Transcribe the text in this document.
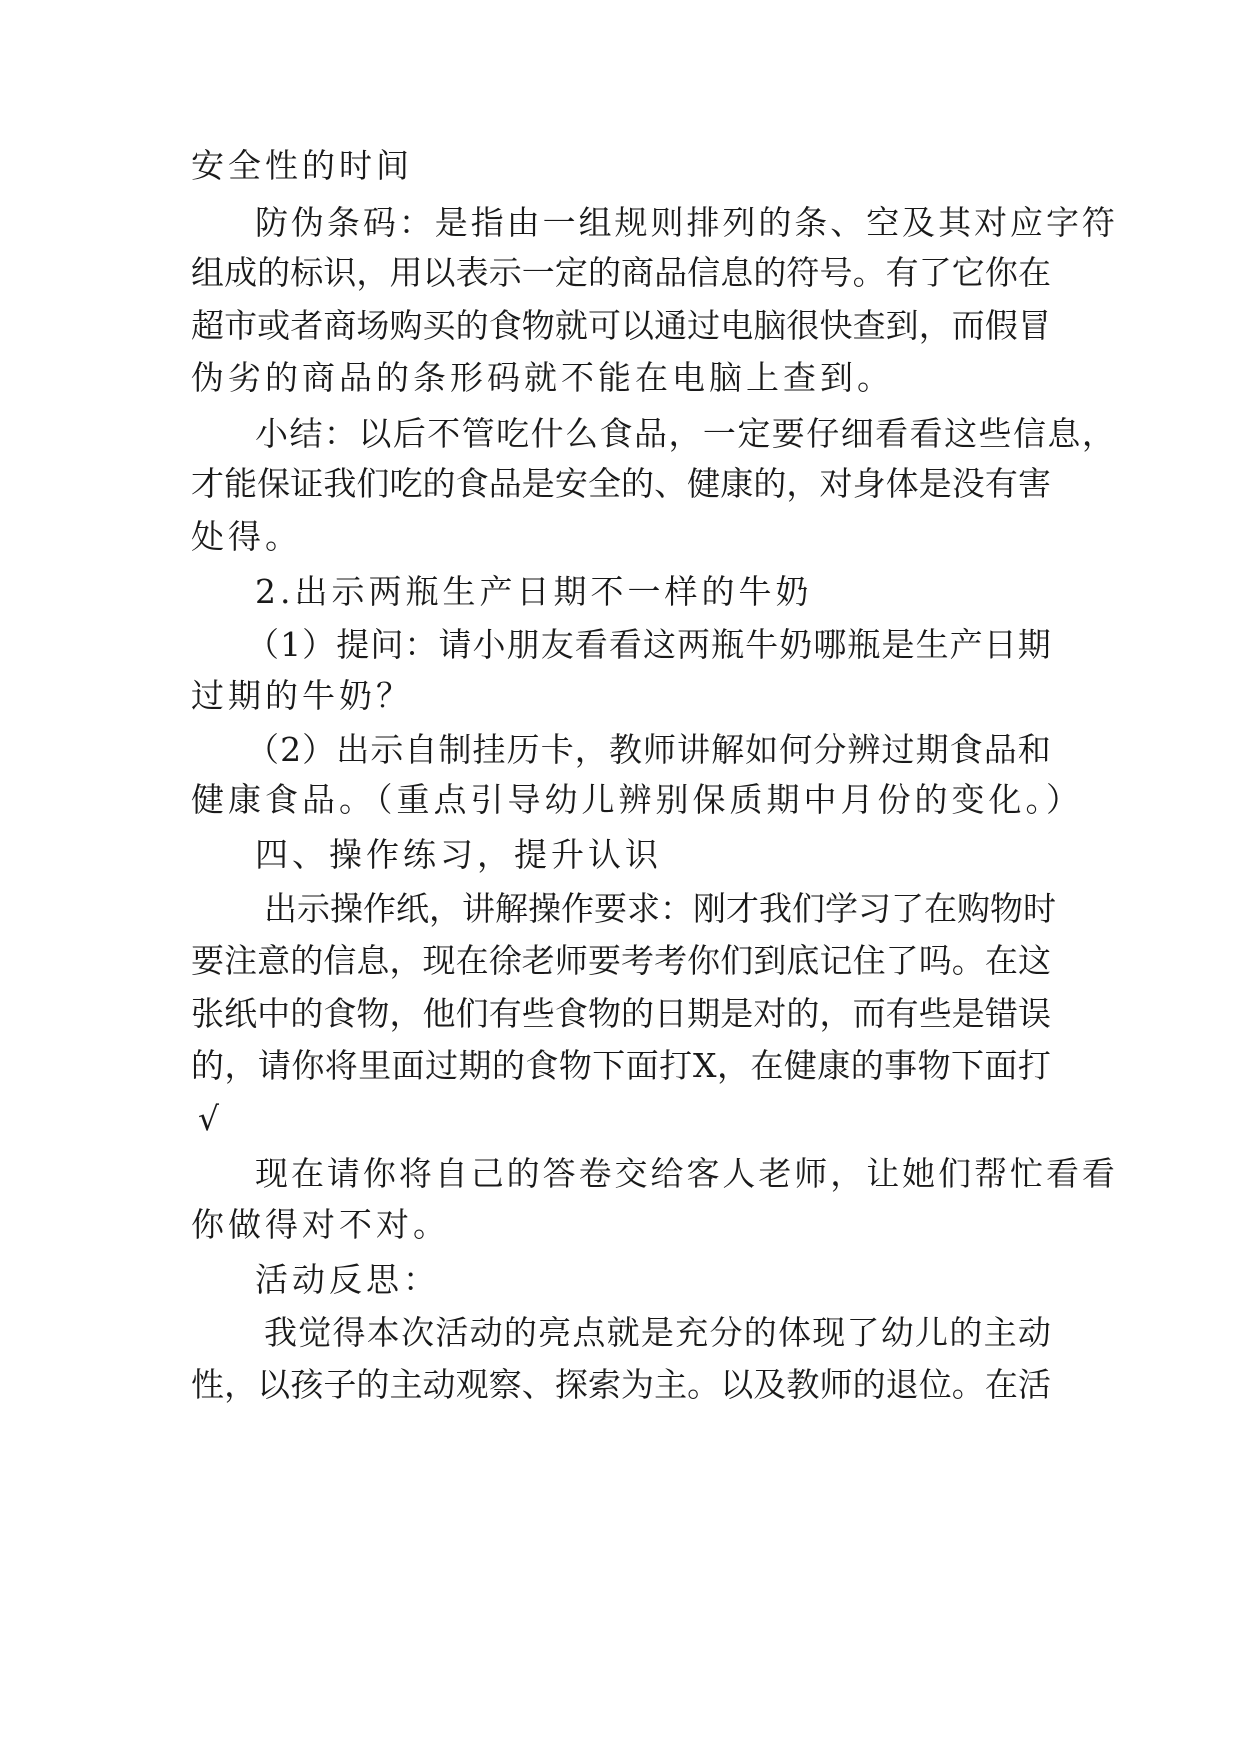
安全性的时间
防 伪 条 码 ： 是 指 由 一 组 规 则 排 列 的 条 、 空 及 其 对 应 字 符
组 成 的 标 识 ， 用 以 表 示 一 定 的 商 品 信 息 的 符 号 。 有 了 它 你 在
超 市 或 者 商 场 购 买 的 食 物 就 可 以 通 过 电 脑 很 快 查 到 ， 而 假 冒
伪劣的商品的条形码就不能在电脑上查到。
小 结 ： 以 后 不 管 吃 什 么 食 品 ， 一 定 要 仔 细 看 看 这 些 信 息 ，
才 能 保 证 我 们 吃 的 食 品 是 安 全 的 、 健 康 的 ， 对 身 体 是 没 有 害
处得。
2.出示两瓶生产日期不一样的牛奶
（ 1 ） 提 问 ： 请 小 朋 友 看 看 这 两 瓶 牛 奶 哪 瓶 是 生 产 日 期
过期的牛奶？
（ 2 ） 出 示 自 制 挂 历 卡 ， 教 师 讲 解 如 何 分 辨 过 期 食 品 和
健康食品。（重点引导幼儿辨别保质期中月份的变化。）
四、操作练习，提升认识
出 示 操 作 纸 ， 讲 解 操 作 要 求 ： 刚 才 我 们 学 习 了 在 购 物 时
要 注 意 的 信 息 ， 现 在 徐 老 师 要 考 考 你 们 到 底 记 住 了 吗 。 在 这
张 纸 中 的 食 物 ， 他 们 有 些 食 物 的 日 期 是 对 的 ， 而 有 些 是 错 误
的 ， 请 你 将 里 面 过 期 的 食 物 下 面 打 X ， 在 健 康 的 事 物 下 面 打
√
现 在 请 你 将 自 己 的 答 卷 交 给 客 人 老 师 ， 让 她 们 帮 忙 看 看
你做得对不对。
活动反思：
我 觉 得 本 次 活 动 的 亮 点 就 是 充 分 的 体 现 了 幼 儿 的 主 动
性 ， 以 孩 子 的 主 动 观 察 、 探 索 为 主 。 以 及 教 师 的 退 位 。 在 活
